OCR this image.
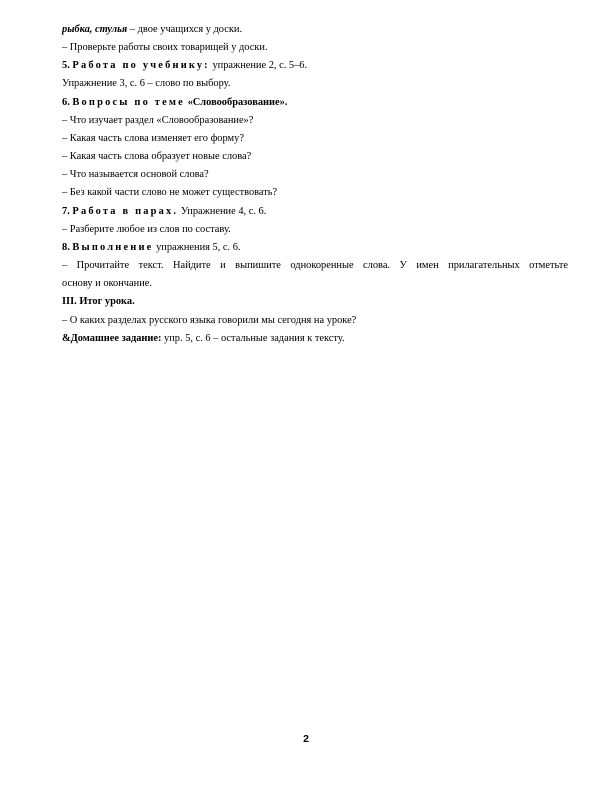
рыбка, стулья – двое учащихся у доски.
– Проверьте работы своих товарищей у доски.
5. Работа по учебнику: упражнение 2, с. 5–6.
Упражнение 3, с. 6 – слово по выбору.
6. Вопросы по теме «Словообразование».
– Что изучает раздел «Словообразование»?
– Какая часть слова изменяет его форму?
– Какая часть слова образует новые слова?
– Что называется основой слова?
– Без какой части слово не может существовать?
7. Работа в парах. Упражнение 4, с. 6.
– Разберите любое из слов по составу.
8. Выполнение упражнения 5, с. 6.
– Прочитайте текст. Найдите и выпишите однокоренные слова. У имен прилагательных отметьте
основу и окончание.
III. Итог урока.
– О каких разделах русского языка говорили мы сегодня на уроке?
&Домашнее задание: упр. 5, с. 6 – остальные задания к тексту.
2
